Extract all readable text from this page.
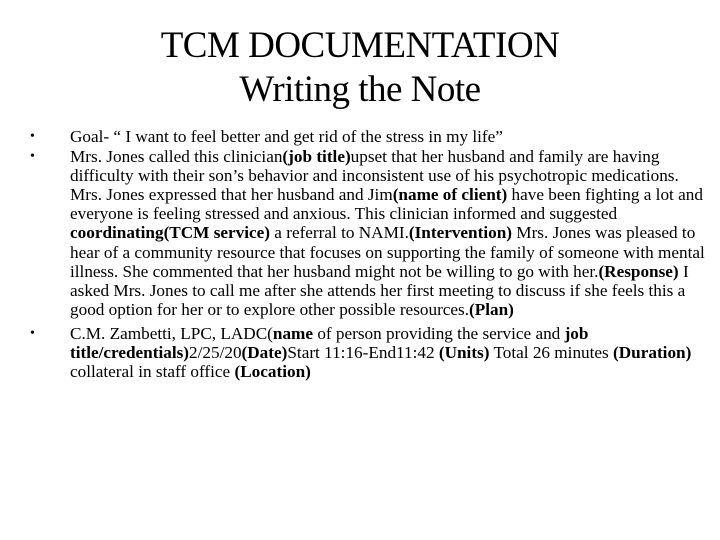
TCM DOCUMENTATION
Writing the Note
• Goal- “ I want to feel better and get rid of the stress in my life”

• Mrs. Jones called this clinician(job title)upset that her husband and family are having difficulty with their son’s behavior and inconsistent use of his psychotropic medications. Mrs. Jones expressed that her husband and Jim(name of client) have been fighting a lot and everyone is feeling stressed and anxious. This clinician informed and suggested coordinating(TCM service) a referral to NAMI.(Intervention) Mrs. Jones was pleased to hear of a community resource that focuses on supporting the family of someone with mental illness. She commented that her husband might not be willing to go with her.(Response) I asked Mrs. Jones to call me after she attends her first meeting to discuss if she feels this a good option for her or to explore other possible resources.(Plan)

• C.M. Zambetti, LPC, LADC(name of person providing the service and job title/credentials)2/25/20(Date)Start 11:16-End11:42 (Units) Total 26 minutes (Duration) collateral in staff office (Location)
